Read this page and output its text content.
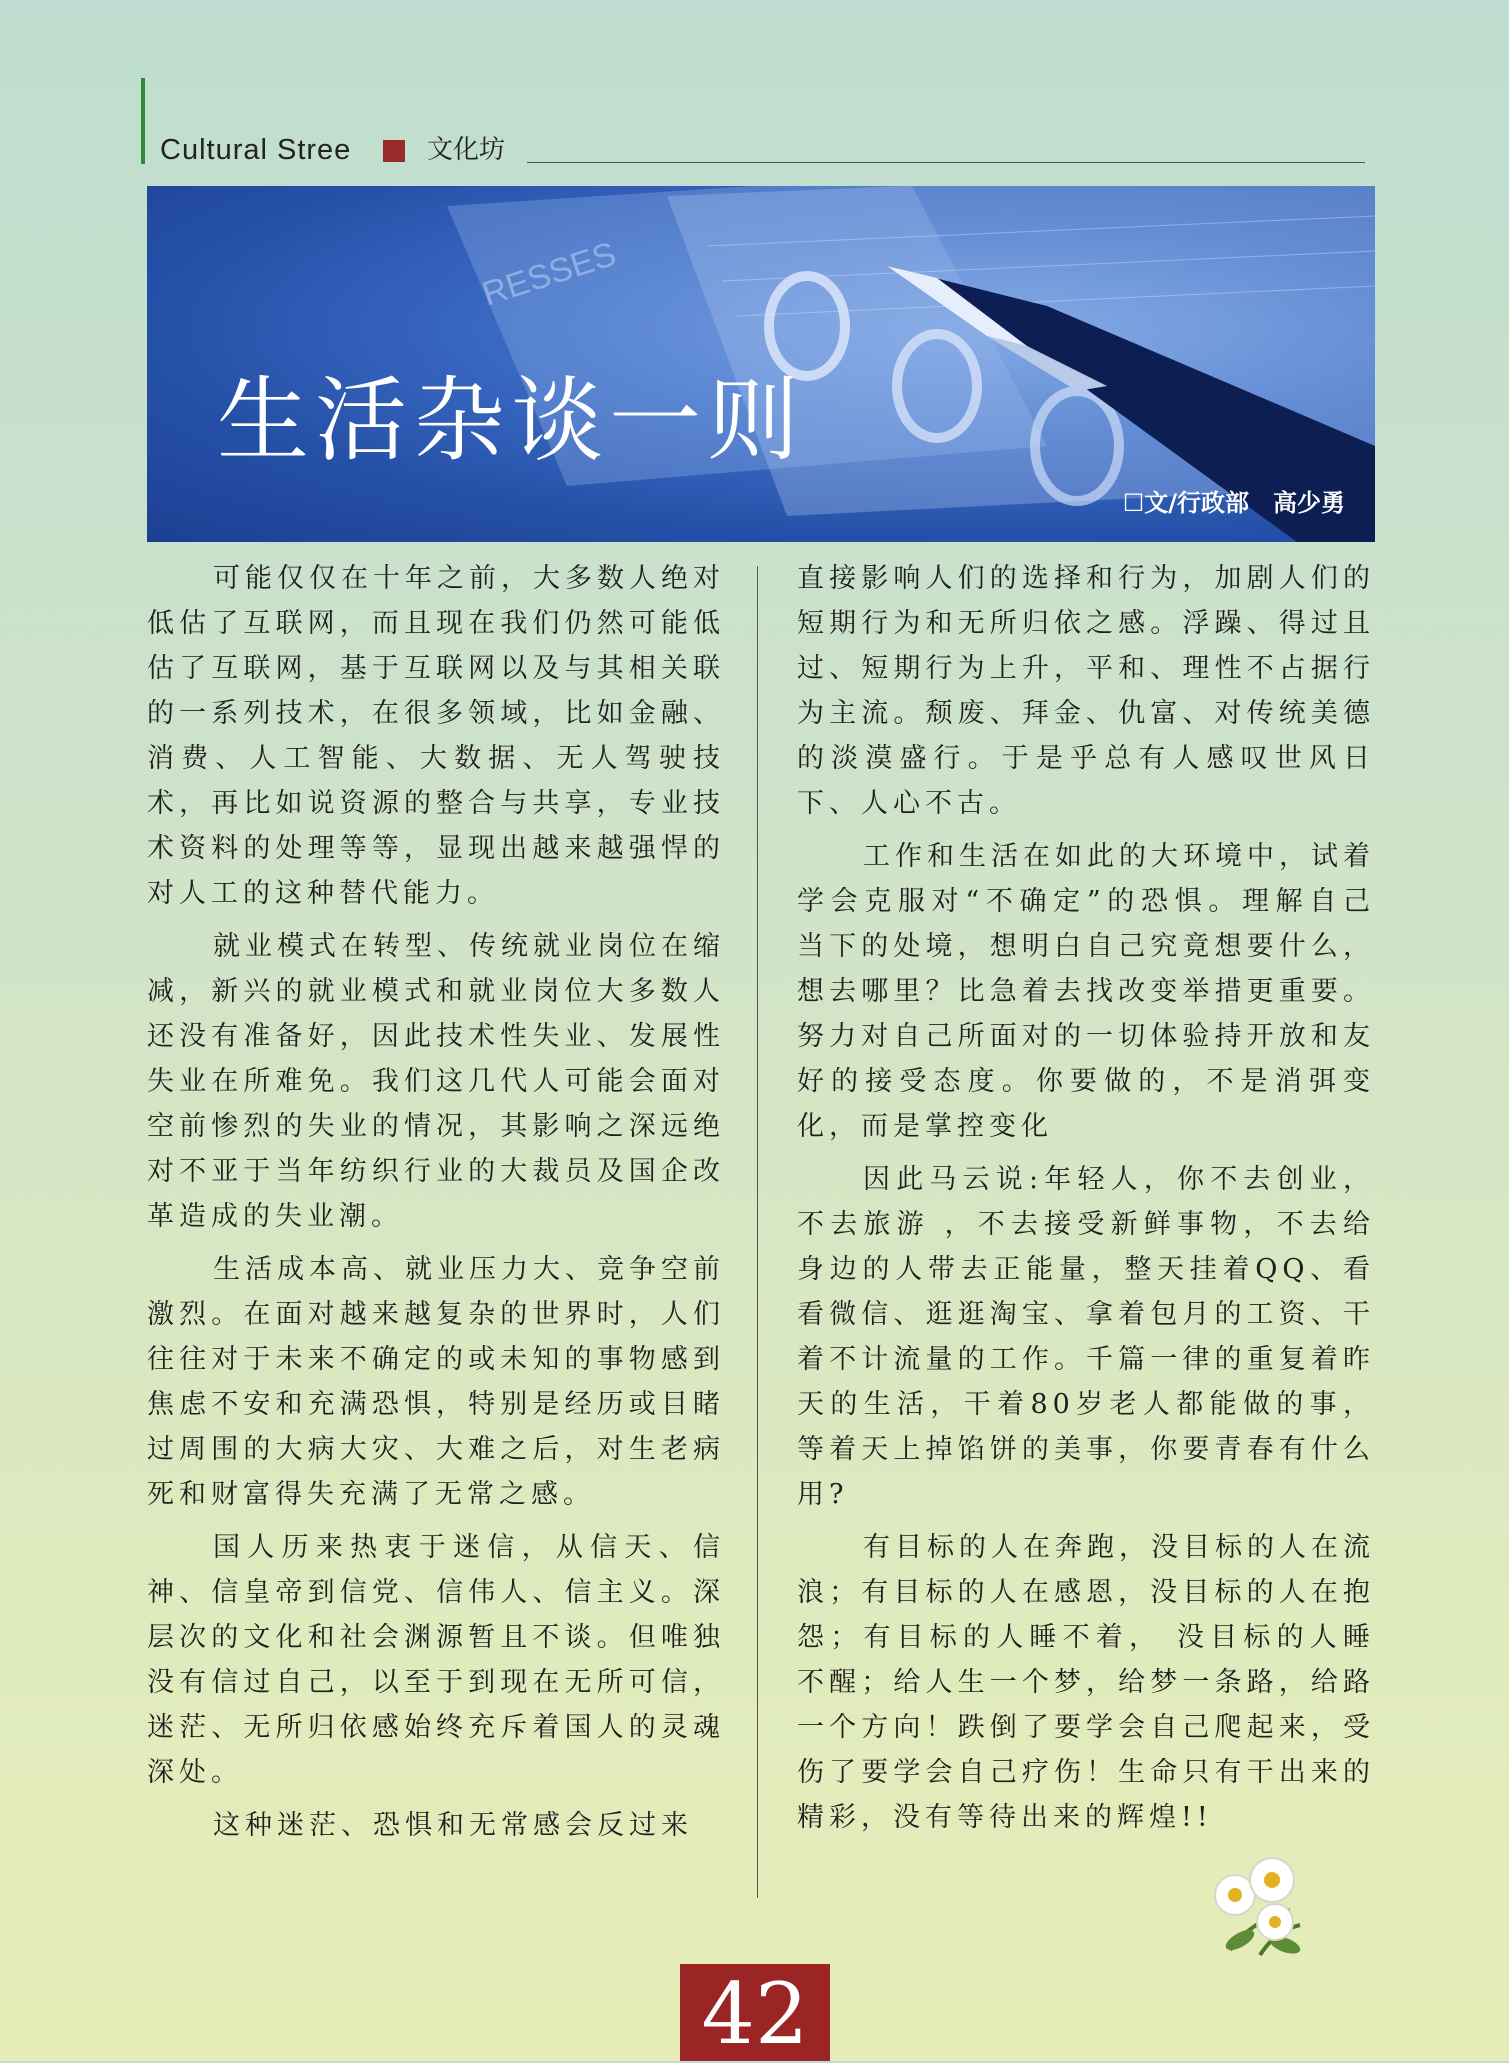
Cultural Stree	文化坊
RESSES
生活杂谈一则
☐文/行政部　高少勇

可能仅仅在十年之前，大多数人绝对低估了互联网，而且现在我们仍然可能低估了互联网，基于互联网以及与其相关联的一系列技术，在很多领域，比如金融、消费、人工智能、大数据、无人驾驶技术，再比如说资源的整合与共享，专业技术资料的处理等等，显现出越来越强悍的对人工的这种替代能力。

就业模式在转型、传统就业岗位在缩减，新兴的就业模式和就业岗位大多数人还没有准备好，因此技术性失业、发展性失业在所难免。我们这几代人可能会面对空前惨烈的失业的情况，其影响之深远绝对不亚于当年纺织行业的大裁员及国企改革造成的失业潮。

生活成本高、就业压力大、竞争空前激烈。在面对越来越复杂的世界时，人们往往对于未来不确定的或未知的事物感到焦虑不安和充满恐惧，特别是经历或目睹过周围的大病大灾、大难之后，对生老病死和财富得失充满了无常之感。

国人历来热衷于迷信，从信天、信神、信皇帝到信党、信伟人、信主义。深层次的文化和社会渊源暂且不谈。但唯独没有信过自己，以至于到现在无所可信，迷茫、无所归依感始终充斥着国人的灵魂深处。

这种迷茫、恐惧和无常感会反过来

直接影响人们的选择和行为，加剧人们的短期行为和无所归依之感。浮躁、得过且过、短期行为上升，平和、理性不占据行为主流。颓废、拜金、仇富、对传统美德的淡漠盛行。于是乎总有人感叹世风日下、人心不古。

工作和生活在如此的大环境中，试着学会克服对“不确定”的恐惧。理解自己当下的处境，想明白自己究竟想要什么，想去哪里？比急着去找改变举措更重要。努力对自己所面对的一切体验持开放和友好的接受态度。你要做的，不是消弭变化，而是掌控变化

因此马云说:年轻人，你不去创业，不去旅游 ，不去接受新鲜事物，不去给身边的人带去正能量，整天挂着QQ、看看微信、逛逛淘宝、拿着包月的工资、干着不计流量的工作。千篇一律的重复着昨天的生活，干着80岁老人都能做的事，等着天上掉馅饼的美事，你要青春有什么用?

有目标的人在奔跑，没目标的人在流浪；有目标的人在感恩，没目标的人在抱怨；有目标的人睡不着， 没目标的人睡不醒；给人生一个梦，给梦一条路，给路一个方向！跌倒了要学会自己爬起来，受伤了要学会自己疗伤！生命只有干出来的精彩，没有等待出来的辉煌!!

42
